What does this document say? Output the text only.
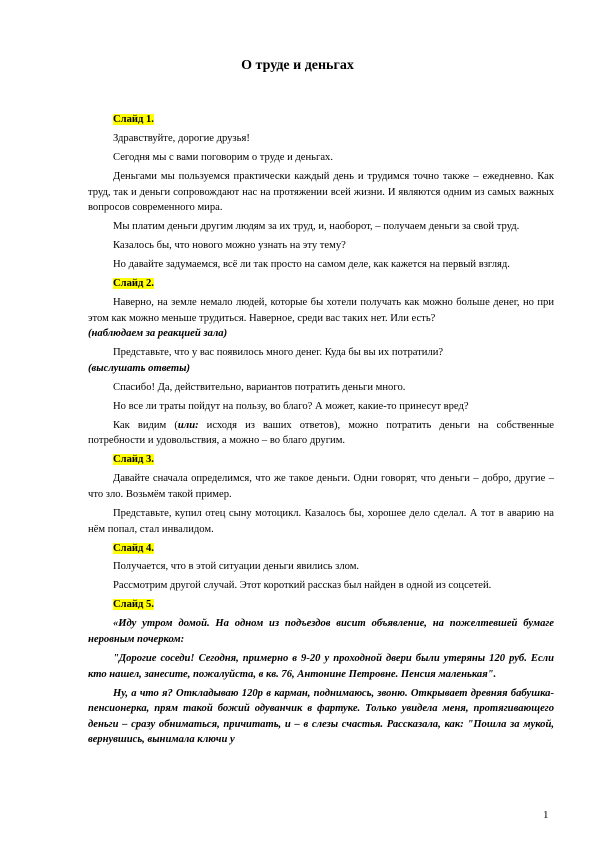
О труде и деньгах

Слайд 1.

Здравствуйте, дорогие друзья!

Сегодня мы с вами поговорим о труде и деньгах.

Деньгами мы пользуемся практически каждый день и трудимся точно также – ежедневно. Как труд, так и деньги сопровождают нас на протяжении всей жизни. И являются одним из самых важных вопросов современного мира.

Мы платим деньги другим людям за их труд, и, наоборот, – получаем деньги за свой труд.

Казалось бы, что нового можно узнать на эту тему?

Но давайте задумаемся, всё ли так просто на самом деле, как кажется на первый взгляд.

Слайд 2.

Наверно, на земле немало людей, которые бы хотели получать как можно больше денег, но при этом как можно меньше трудиться. Наверное, среди вас таких нет. Или есть?

(наблюдаем за реакцией зала)

Представьте, что у вас появилось много денег. Куда бы вы их потратили?

(выслушать ответы)

Спасибо! Да, действительно, вариантов потратить деньги много.

Но все ли траты пойдут на пользу, во благо? А может, какие-то принесут вред?

Как видим (или: исходя из ваших ответов), можно потратить деньги на собственные потребности и удовольствия, а можно – во благо другим.

Слайд 3.

Давайте сначала определимся, что же такое деньги. Одни говорят, что деньги – добро, другие – что зло. Возьмём такой пример.

Представьте, купил отец сыну мотоцикл. Казалось бы, хорошее дело сделал. А тот в аварию на нём попал, стал инвалидом.

Слайд 4.

Получается, что в этой ситуации деньги явились злом.

Рассмотрим другой случай. Этот короткий рассказ был найден в одной из соцсетей.

Слайд 5.

«Иду утром домой. На одном из подъездов висит объявление, на пожелтевшей бумаге неровным почерком:

"Дорогие соседи! Сегодня, примерно в 9-20 у проходной двери были утеряны 120 руб. Если кто нашел, занесите, пожалуйста, в кв. 76, Антонине Петровне. Пенсия маленькая".

Ну, а что я? Откладываю 120р в карман, поднимаюсь, звоню. Открывает древняя бабушка-пенсионерка, прям такой божий одуванчик в фартуке. Только увидела меня, протягивающего деньги – сразу обниматься, причитать, и – в слезы счастья. Рассказала, как: "Пошла за мукой, вернувшись, вынимала ключи у

1
